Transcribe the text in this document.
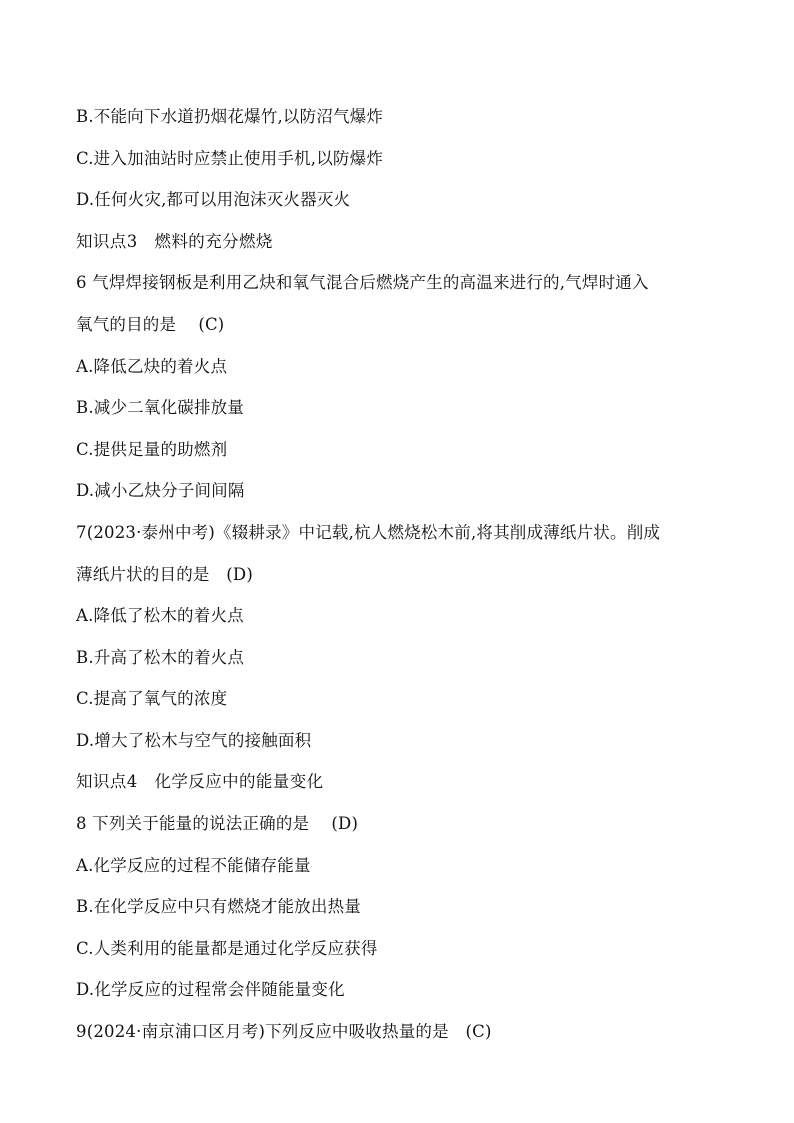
B.不能向下水道扔烟花爆竹,以防沼气爆炸
C.进入加油站时应禁止使用手机,以防爆炸
D.任何火灾,都可以用泡沫灭火器灭火
知识点3　燃料的充分燃烧
6 气焊焊接钢板是利用乙炔和氧气混合后燃烧产生的高温来进行的,气焊时通入
氧气的目的是　 (C)
A.降低乙炔的着火点
B.减少二氧化碳排放量
C.提供足量的助燃剂
D.减小乙炔分子间间隔
7(2023·泰州中考)《辍耕录》中记载,杭人燃烧松木前,将其削成薄纸片状。削成
薄纸片状的目的是　(D)
A.降低了松木的着火点
B.升高了松木的着火点
C.提高了氧气的浓度
D.增大了松木与空气的接触面积
知识点4　化学反应中的能量变化
8 下列关于能量的说法正确的是　 (D)
A.化学反应的过程不能储存能量
B.在化学反应中只有燃烧才能放出热量
C.人类利用的能量都是通过化学反应获得
D.化学反应的过程常会伴随能量变化
9(2024·南京浦口区月考)下列反应中吸收热量的是　(C)
